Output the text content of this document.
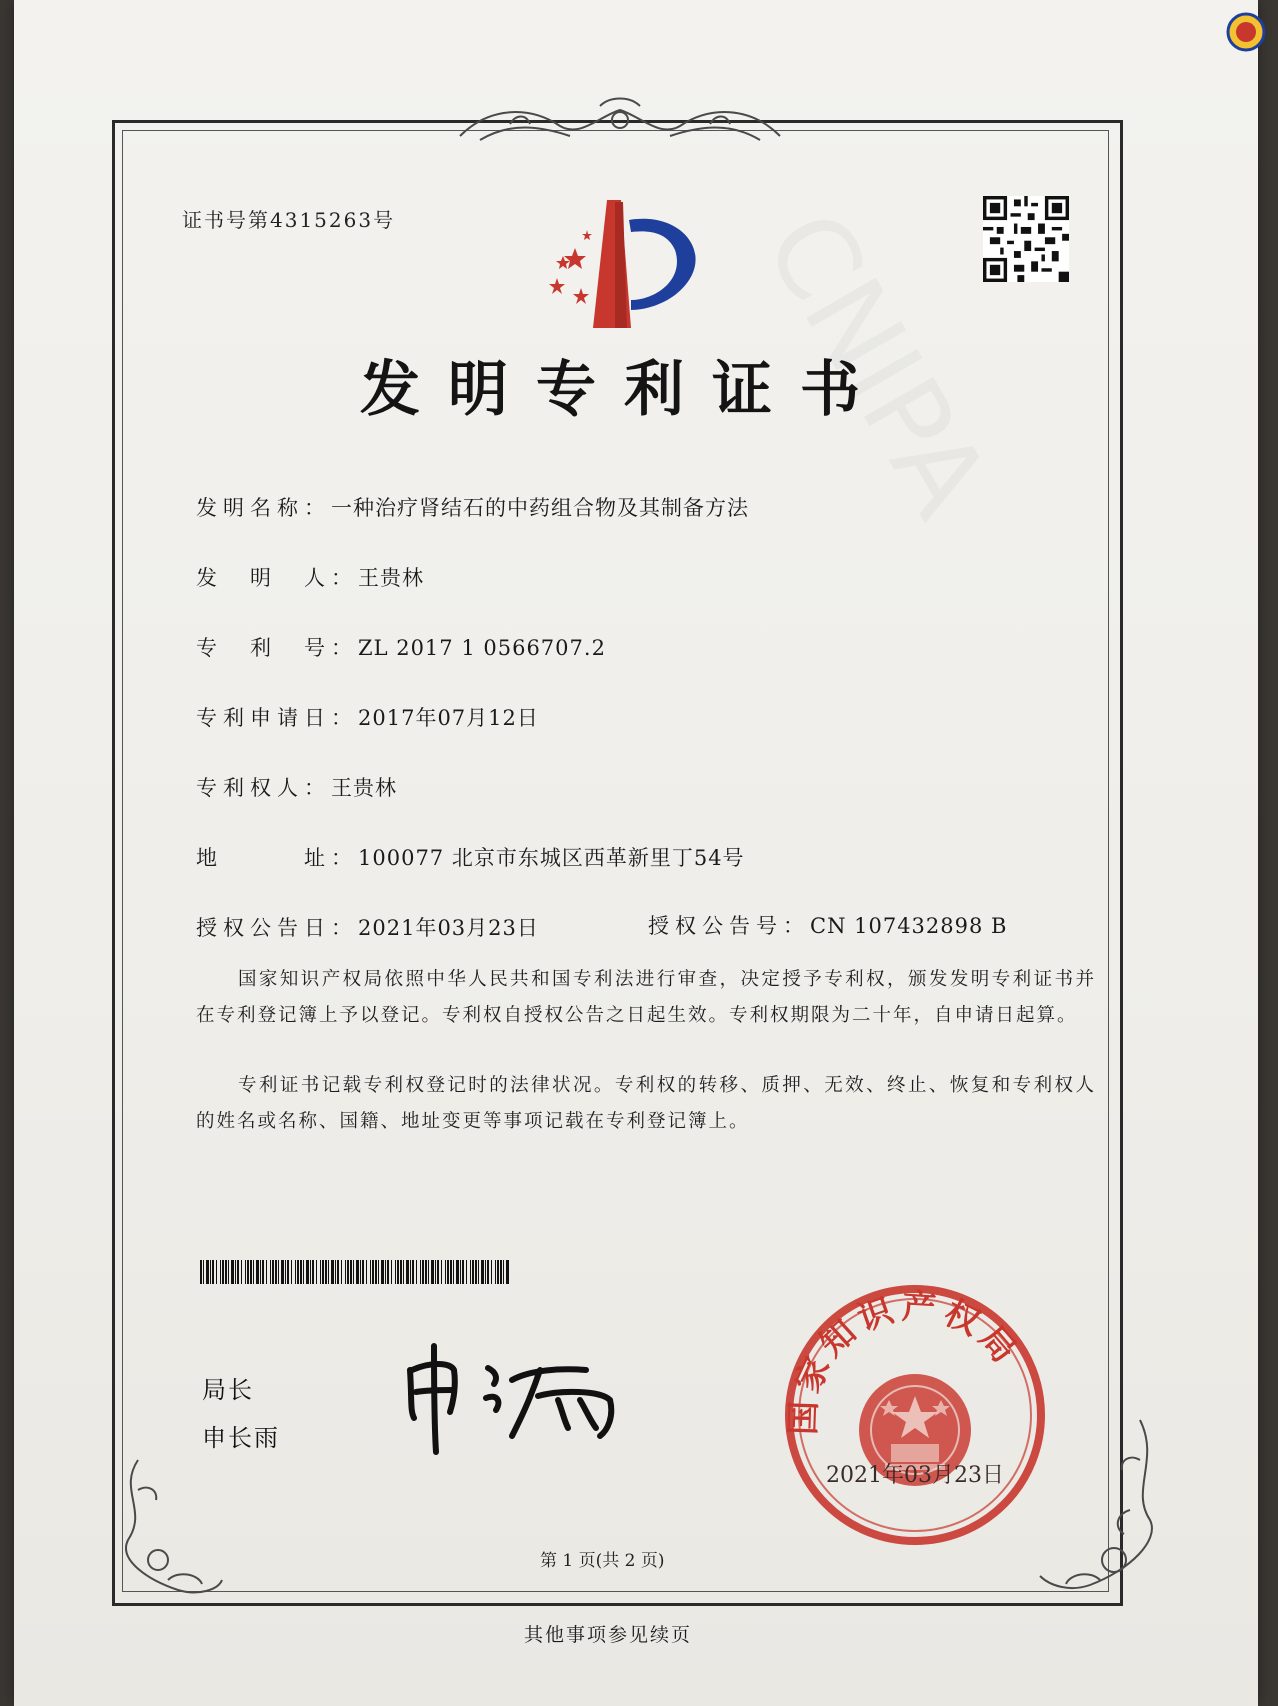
证书号第4315263号
发明专利证书
发明名称：一种治疗肾结石的中药组合物及其制备方法
发　明　人：王贵林
专　利　号：ZL 2017 1 0566707.2
专利申请日：2017年07月12日
专利权人：王贵林
地　　　址：100077 北京市东城区西革新里丁54号
授权公告日：2021年03月23日	授权公告号：CN 107432898 B
国家知识产权局依照中华人民共和国专利法进行审查，决定授予专利权，颁发发明专利证书并在专利登记簿上予以登记。专利权自授权公告之日起生效。专利权期限为二十年，自申请日起算。
专利证书记载专利权登记时的法律状况。专利权的转移、质押、无效、终止、恢复和专利权人的姓名或名称、国籍、地址变更等事项记载在专利登记簿上。
局长
申长雨
国家知识产权局
2021年03月23日
第 1 页(共 2 页)
其他事项参见续页
